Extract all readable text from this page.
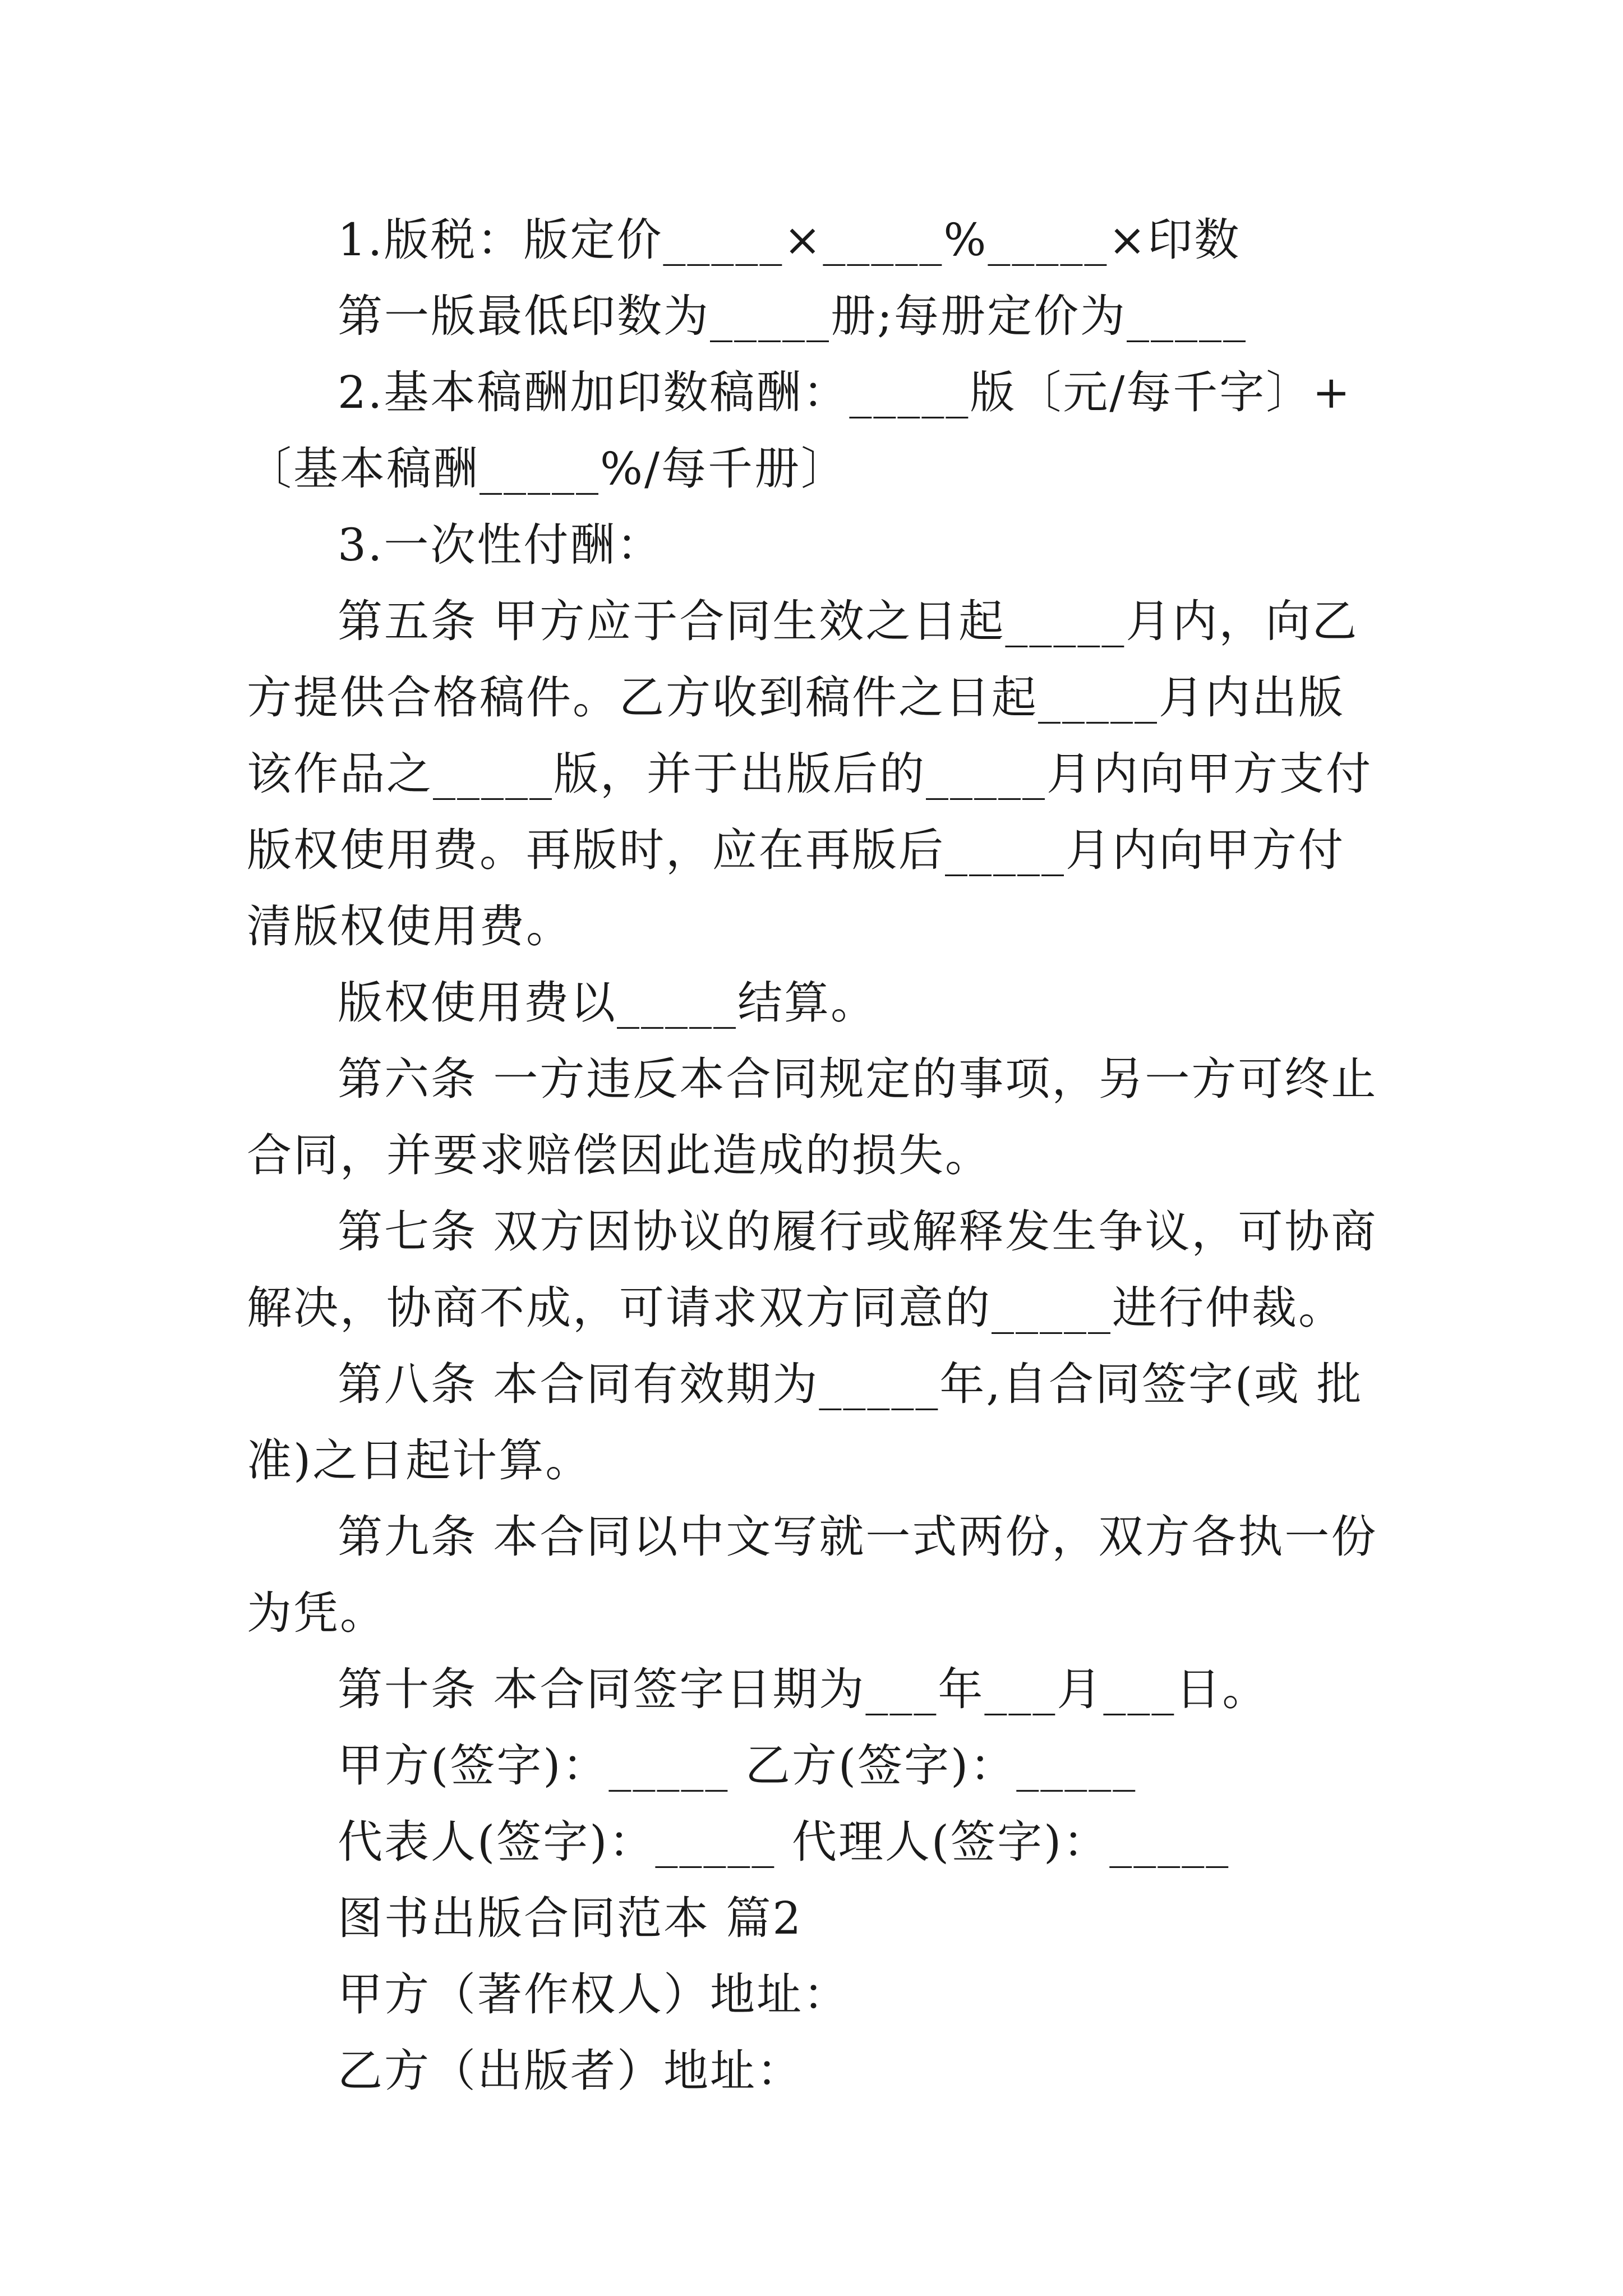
1.版税：版定价_____×_____%_____×印数

第一版最低印数为_____册;每册定价为_____

2.基本稿酬加印数稿酬：_____版〔元/每千字〕+〔基本稿酬_____%/每千册〕

3.一次性付酬：

第五条 甲方应于合同生效之日起_____月内，向乙方提供合格稿件。乙方收到稿件之日起_____月内出版该作品之_____版，并于出版后的_____月内向甲方支付版权使用费。再版时，应在再版后_____月内向甲方付清版权使用费。

版权使用费以_____结算。

第六条 一方违反本合同规定的事项，另一方可终止合同，并要求赔偿因此造成的损失。

第七条 双方因协议的履行或解释发生争议，可协商解决，协商不成，可请求双方同意的_____进行仲裁。

第八条 本合同有效期为_____年,自合同签字(或 批准)之日起计算。

第九条 本合同以中文写就一式两份，双方各执一份为凭。

第十条 本合同签字日期为___年___月___日。

甲方(签字)：_____ 乙方(签字)：_____

代表人(签字)：_____ 代理人(签字)：_____

图书出版合同范本 篇2

甲方（著作权人）地址：

乙方（出版者）地址：
